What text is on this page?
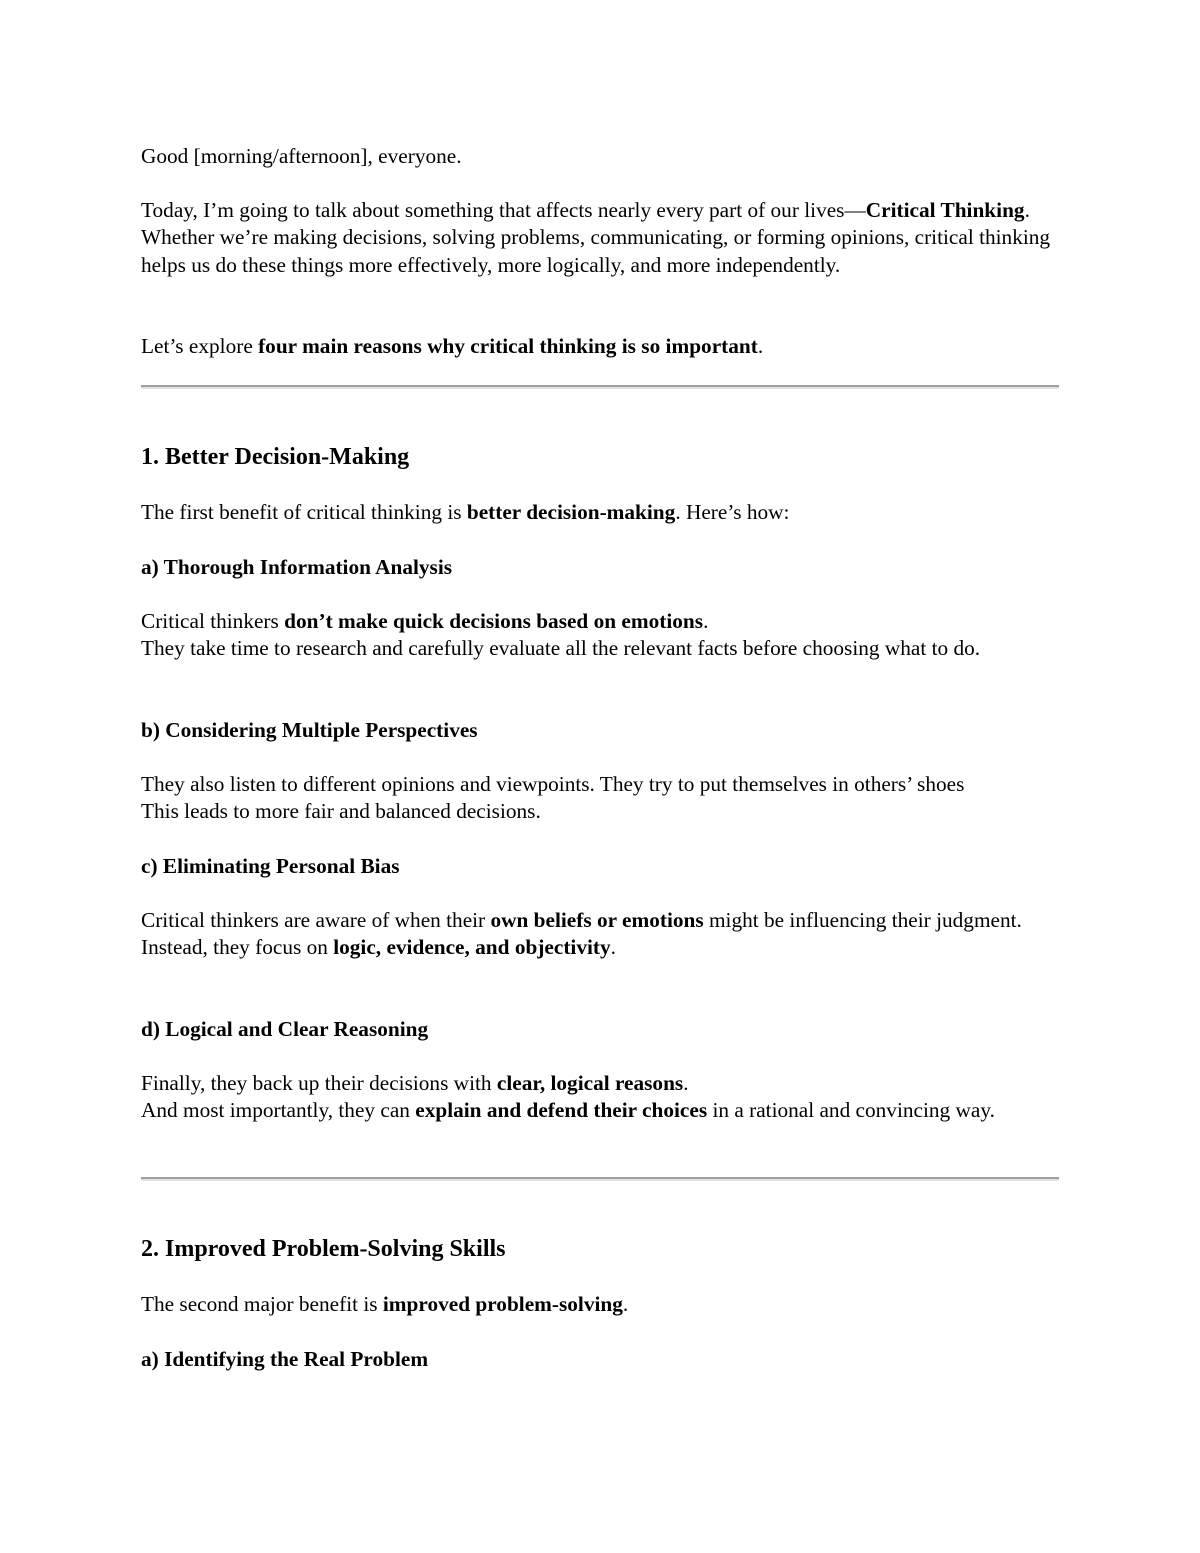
Good [morning/afternoon], everyone.

Today, I’m going to talk about something that affects nearly every part of our lives—Critical Thinking. Whether we’re making decisions, solving problems, communicating, or forming opinions, critical thinking helps us do these things more effectively, more logically, and more independently.

Let’s explore four main reasons why critical thinking is so important.

1. Better Decision-Making

The first benefit of critical thinking is better decision-making. Here’s how:

a) Thorough Information Analysis

Critical thinkers don’t make quick decisions based on emotions.
They take time to research and carefully evaluate all the relevant facts before choosing what to do.

b) Considering Multiple Perspectives

They also listen to different opinions and viewpoints. They try to put themselves in others’ shoes
This leads to more fair and balanced decisions.

c) Eliminating Personal Bias

Critical thinkers are aware of when their own beliefs or emotions might be influencing their judgment.
Instead, they focus on logic, evidence, and objectivity.

d) Logical and Clear Reasoning

Finally, they back up their decisions with clear, logical reasons.
And most importantly, they can explain and defend their choices in a rational and convincing way.

2. Improved Problem-Solving Skills

The second major benefit is improved problem-solving.

a) Identifying the Real Problem
